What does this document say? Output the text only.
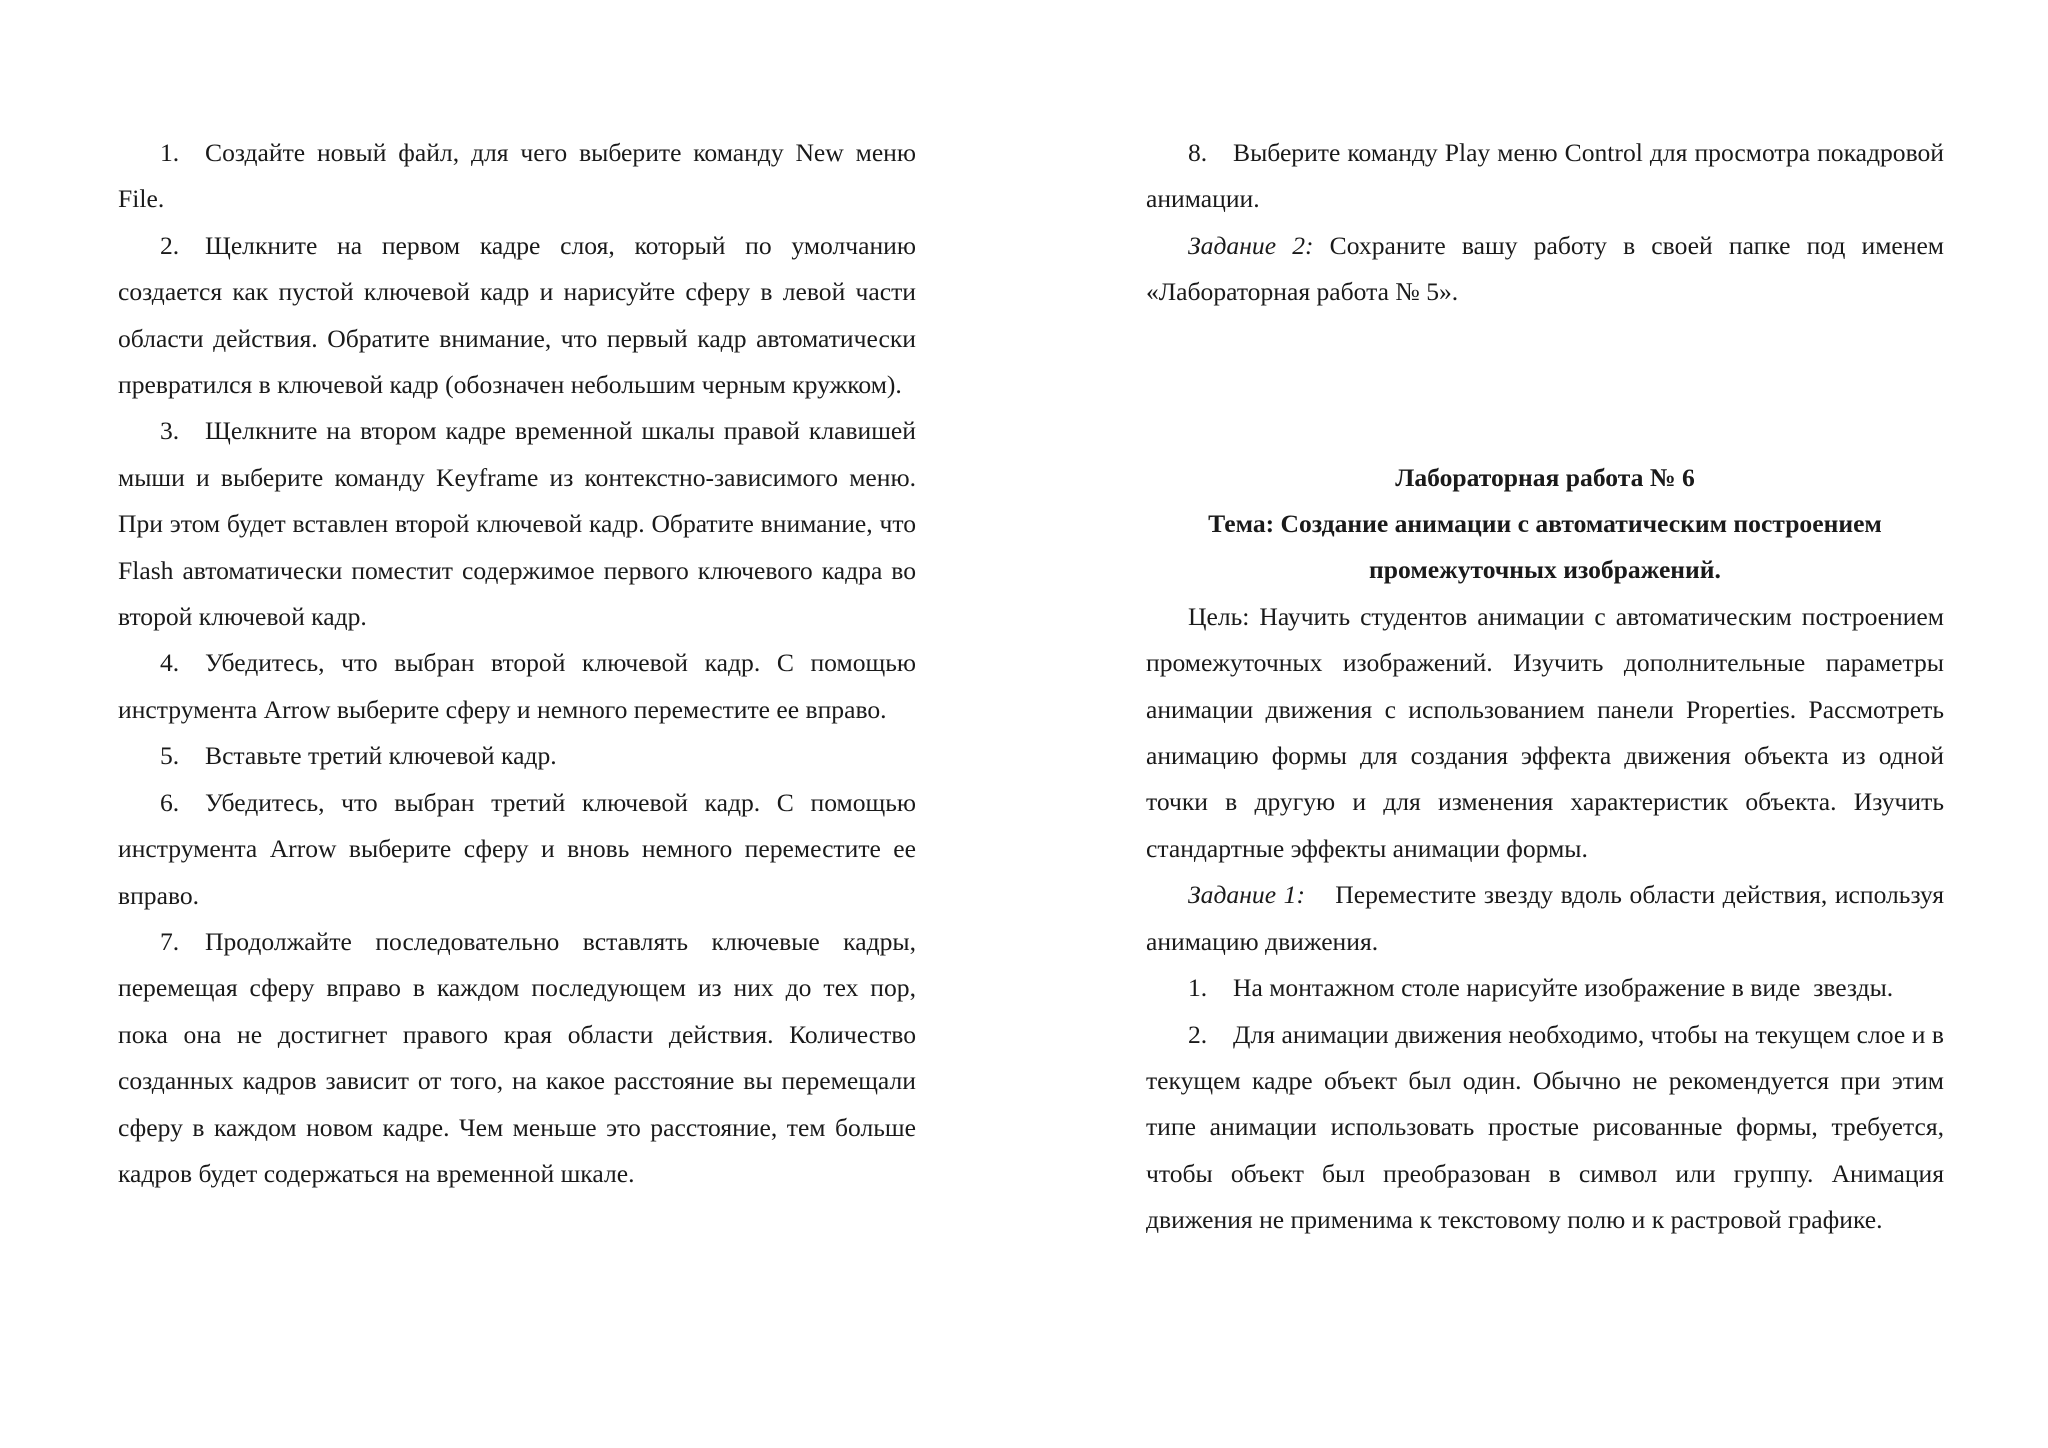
1. Создайте новый файл, для чего выберите команду New меню File.

2. Щелкните на первом кадре слоя, который по умолчанию создается как пустой ключевой кадр и нарисуйте сферу в левой части области действия. Обратите внимание, что первый кадр автоматически превратился в ключевой кадр (обозначен небольшим черным кружком).

3. Щелкните на втором кадре временной шкалы правой клавишей мыши и выберите команду Keyframe из контекстно-зависимого меню. При этом будет вставлен второй ключевой кадр. Обратите внимание, что Flash автоматически поместит содержимое первого ключевого кадра во второй ключевой кадр.

4. Убедитесь, что выбран второй ключевой кадр. С помощью инструмента Arrow выберите сферу и немного переместите ее вправо.

5. Вставьте третий ключевой кадр.

6. Убедитесь, что выбран третий ключевой кадр. С помощью инструмента Arrow выберите сферу и вновь немного переместите ее вправо.

7. Продолжайте последовательно вставлять ключевые кадры, перемещая сферу вправо в каждом последующем из них до тех пор, пока она не достигнет правого края области действия. Количество созданных кадров зависит от того, на какое расстояние вы перемещали сферу в каждом новом кадре. Чем меньше это расстояние, тем больше кадров будет содержаться на временной шкале.

8. Выберите команду Play меню Control для просмотра покадровой анимации.

Задание 2: Сохраните вашу работу в своей папке под именем «Лабораторная работа № 5».

Лабораторная работа № 6

Тема: Создание анимации с автоматическим построением

промежуточных изображений.

Цель: Научить студентов анимации с автоматическим построением промежуточных изображений. Изучить дополнительные параметры анимации движения с использованием панели Properties. Рассмотреть анимацию формы для создания эффекта движения объекта из одной точки в другую и для изменения характеристик объекта. Изучить стандартные эффекты анимации формы.

Задание 1:    Переместите звезду вдоль области действия, используя анимацию движения.

1. На монтажном столе нарисуйте изображение в виде  звезды.

2. Для анимации движения необходимо, чтобы на текущем слое и в текущем кадре объект был один. Обычно не рекомендуется при этим типе анимации использовать простые рисованные формы, требуется, чтобы объект был преобразован в символ или группу. Анимация движения не применима к текстовому полю и к растровой графике.
